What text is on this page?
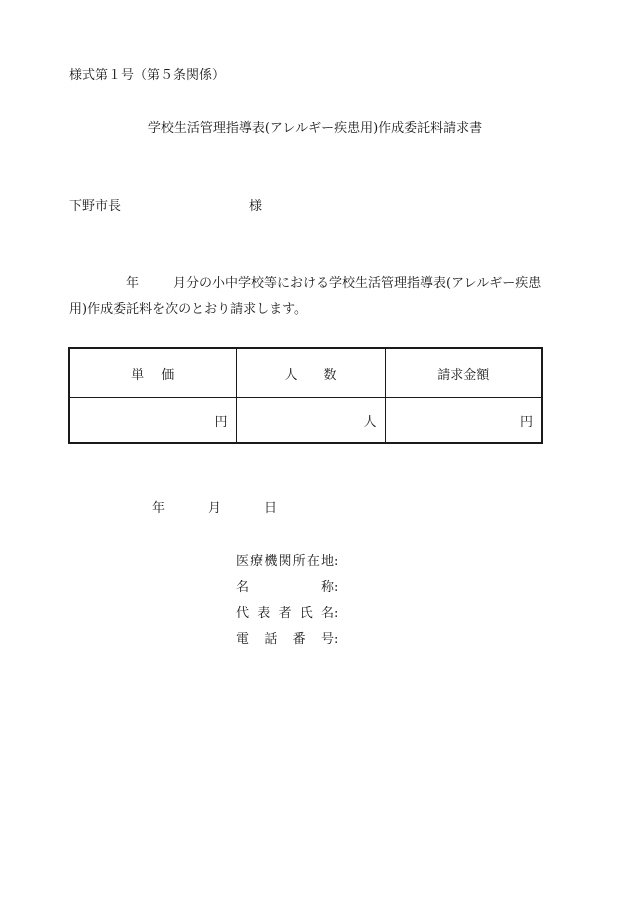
様式第１号（第５条関係）
学校生活管理指導表(アレルギー疾患用)作成委託料請求書
下野市長	様
年	月分の小中学校等における学校生活管理指導表(アレルギー疾患
用)作成委託料を次のとおり請求します。
単　 価	人　　数	請求金額
円	人	円
年	月	日
医療機関所在地:
名称:
代表者氏名:
電話番号:
